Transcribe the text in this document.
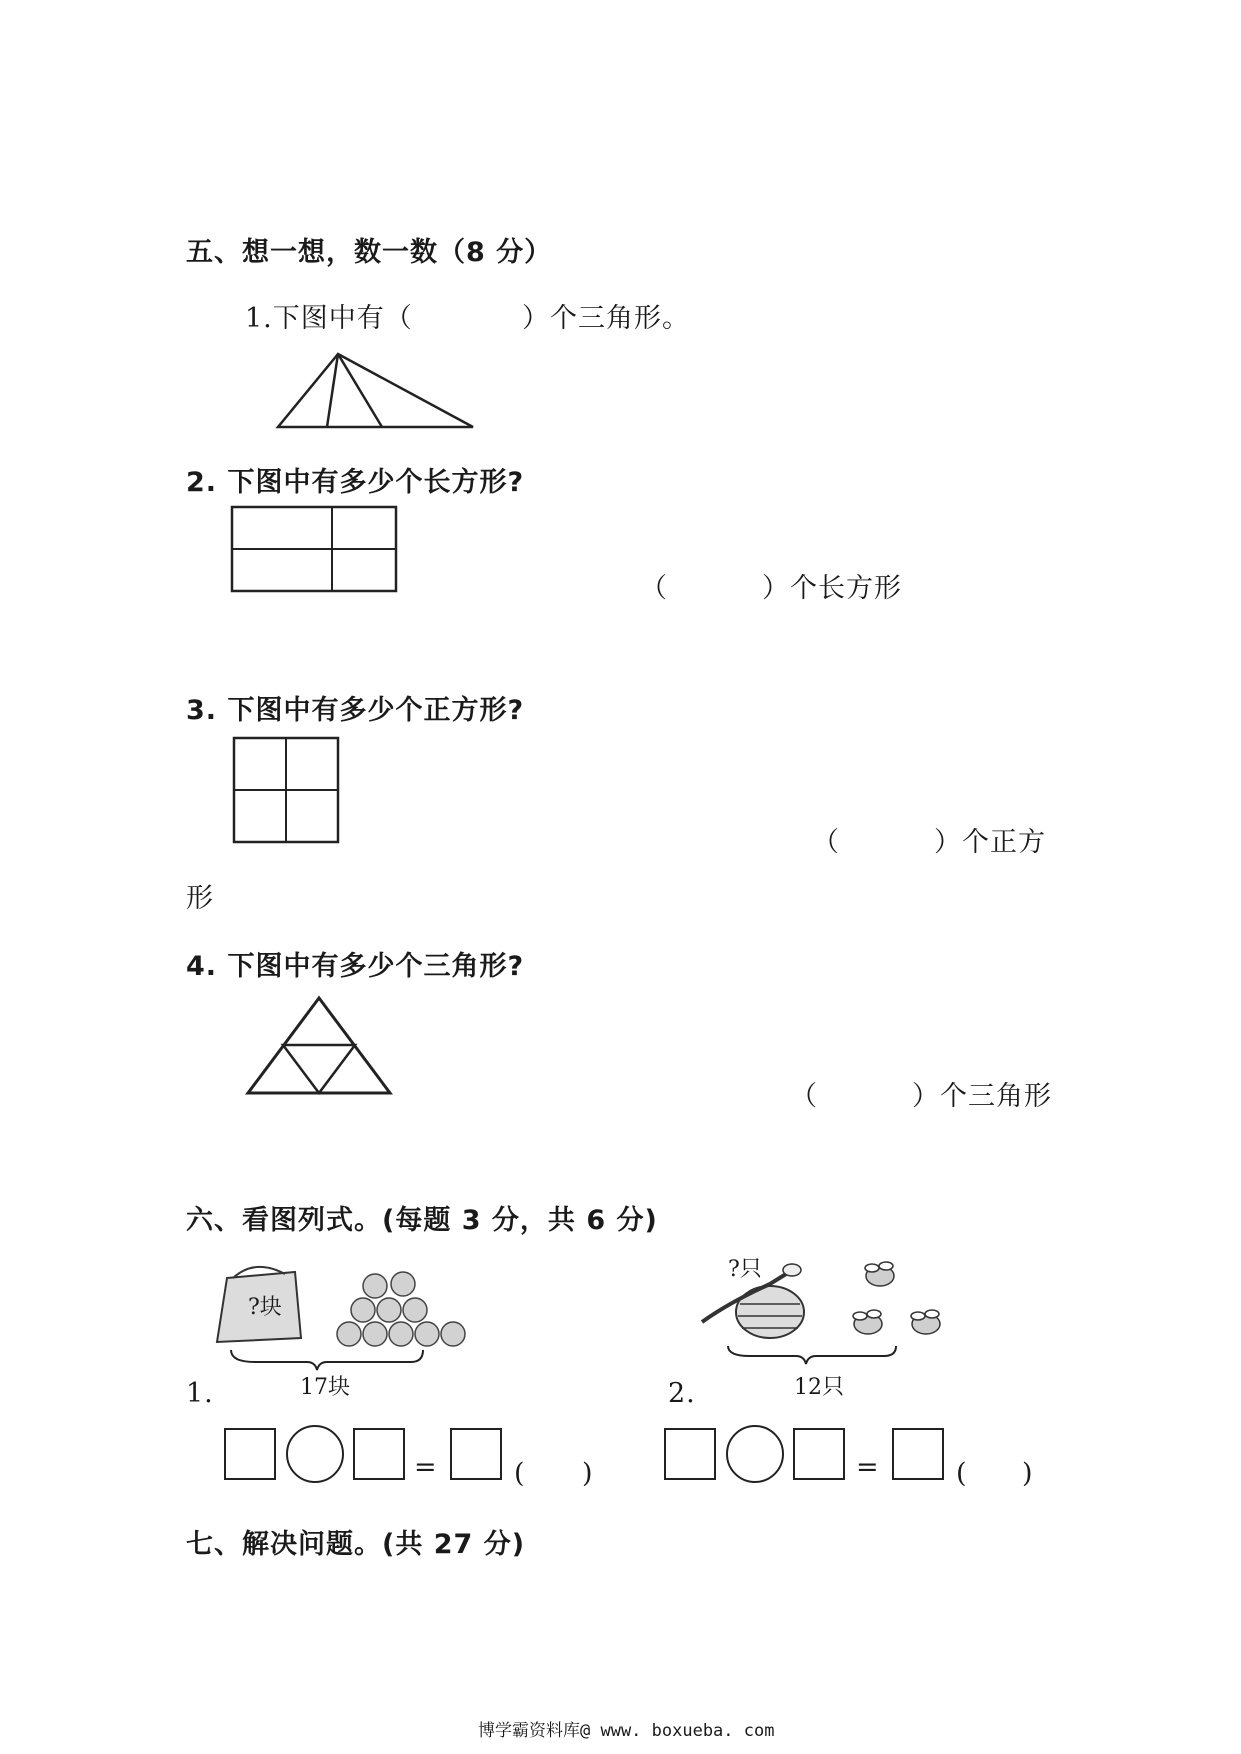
五、想一想，数一数（8 分）
1.下图中有（	）个三角形。
2. 下图中有多少个长方形?
（	）个长方形
3. 下图中有多少个正方形?
（	）个正方
形
4. 下图中有多少个三角形?
（	）个三角形
六、看图列式。(每题 3 分，共 6 分)
?块
17块
1.
?只
12只
2.
=	( )	=	( )
七、解决问题。(共 27 分)
博学霸资料库@ www. boxueba. com
